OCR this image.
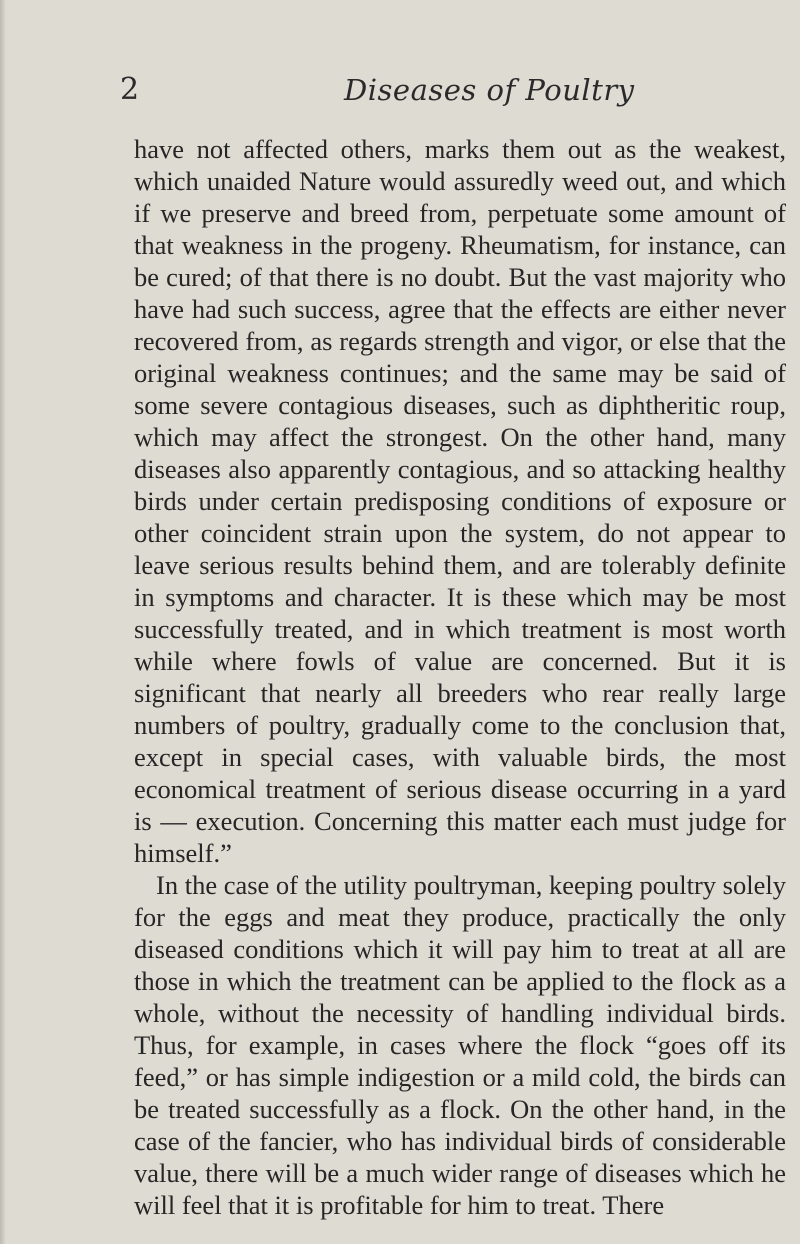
2	Diseases of Poultry

have not affected others, marks them out as the weakest, which unaided Nature would assuredly weed out, and which if we preserve and breed from, perpetuate some amount of that weakness in the progeny. Rheumatism, for instance, can be cured; of that there is no doubt. But the vast majority who have had such success, agree that the effects are either never recovered from, as regards strength and vigor, or else that the original weakness continues; and the same may be said of some severe contagious diseases, such as diphtheritic roup, which may affect the strongest. On the other hand, many diseases also apparently contagious, and so attacking healthy birds under certain predisposing conditions of exposure or other coincident strain upon the system, do not appear to leave serious results behind them, and are tolerably definite in symptoms and character. It is these which may be most successfully treated, and in which treatment is most worth while where fowls of value are concerned. But it is significant that nearly all breeders who rear really large numbers of poultry, gradually come to the conclusion that, except in special cases, with valuable birds, the most economical treatment of serious disease occurring in a yard is — execution. Concerning this matter each must judge for himself.”

In the case of the utility poultryman, keeping poultry solely for the eggs and meat they produce, practically the only diseased conditions which it will pay him to treat at all are those in which the treatment can be applied to the flock as a whole, without the necessity of handling individual birds. Thus, for example, in cases where the flock “goes off its feed,” or has simple indigestion or a mild cold, the birds can be treated successfully as a flock. On the other hand, in the case of the fancier, who has individual birds of considerable value, there will be a much wider range of diseases which he will feel that it is profitable for him to treat. There
